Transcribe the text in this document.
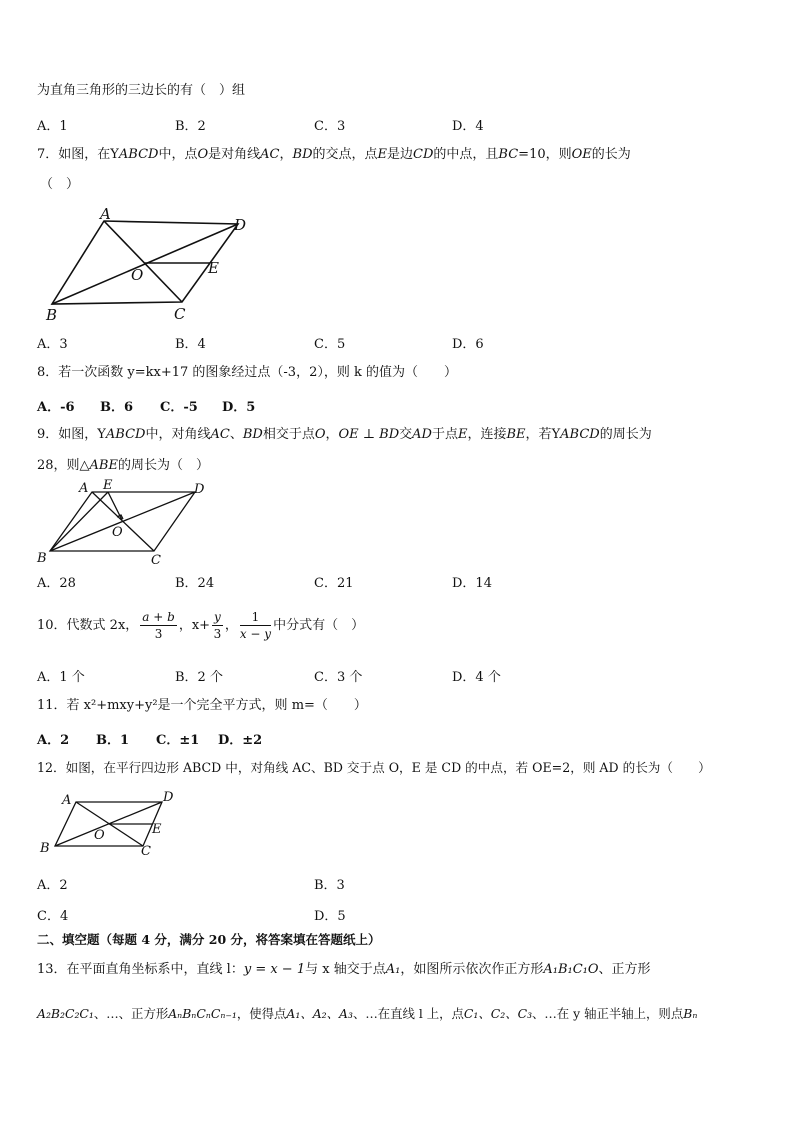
为直角三角形的三边长的有（　）组
A．1	B．2	C．3	D．4
7．如图，在YABCD中，点O是对角线AC，BD的交点，点E是边CD的中点，且BC=10，则OE的长为
（　）
A
D
O	E
B	C
A．3	B．4	C．5	D．6
8．若一次函数 y=kx+17 的图象经过点（-3，2），则 k 的值为（　　）
A．-6 B．6 C．-5 D．5
9．如图，YABCD中，对角线AC、BD相交于点O，OE ⊥ BD交AD于点E，连接BE，若YABCD的周长为
28，则△ABE的周长为（　）
A E	D
O
B	C
A．28	B．24	C．21	D．14
10．代数式 2x， $\frac{a + b}{3}$ ，$x+ \frac{y}{3}$ ， $\frac{1}{x - y}$ 中分式有（　）
A．1 个	B．2 个	C．3 个	D．4 个
11．若 x²+mxy+y²是一个完全平方式，则 m=（　　）
A．2 B．1 C．±1 D．±2
12．如图，在平行四边形 ABCD 中，对角线 AC、BD 交于点 O，E 是 CD 的中点，若 OE=2，则 AD 的长为（　　）
A	D
O	E
B	C
A．2	B．3
C．4	D．5
二、填空题（每题 4 分，满分 20 分，将答案填在答题纸上）
13．在平面直角坐标系中，直线 l：y = x − 1与 x 轴交于点A₁，如图所示依次作正方形A₁B₁C₁O、正方形
A₂B₂C₂C₁、…、正方形AₙBₙCₙCₙ₋₁，使得点A₁、A₂、A₃、…在直线 l 上，点C₁、C₂、C₃、…在 y 轴正半轴上，则点Bₙ
